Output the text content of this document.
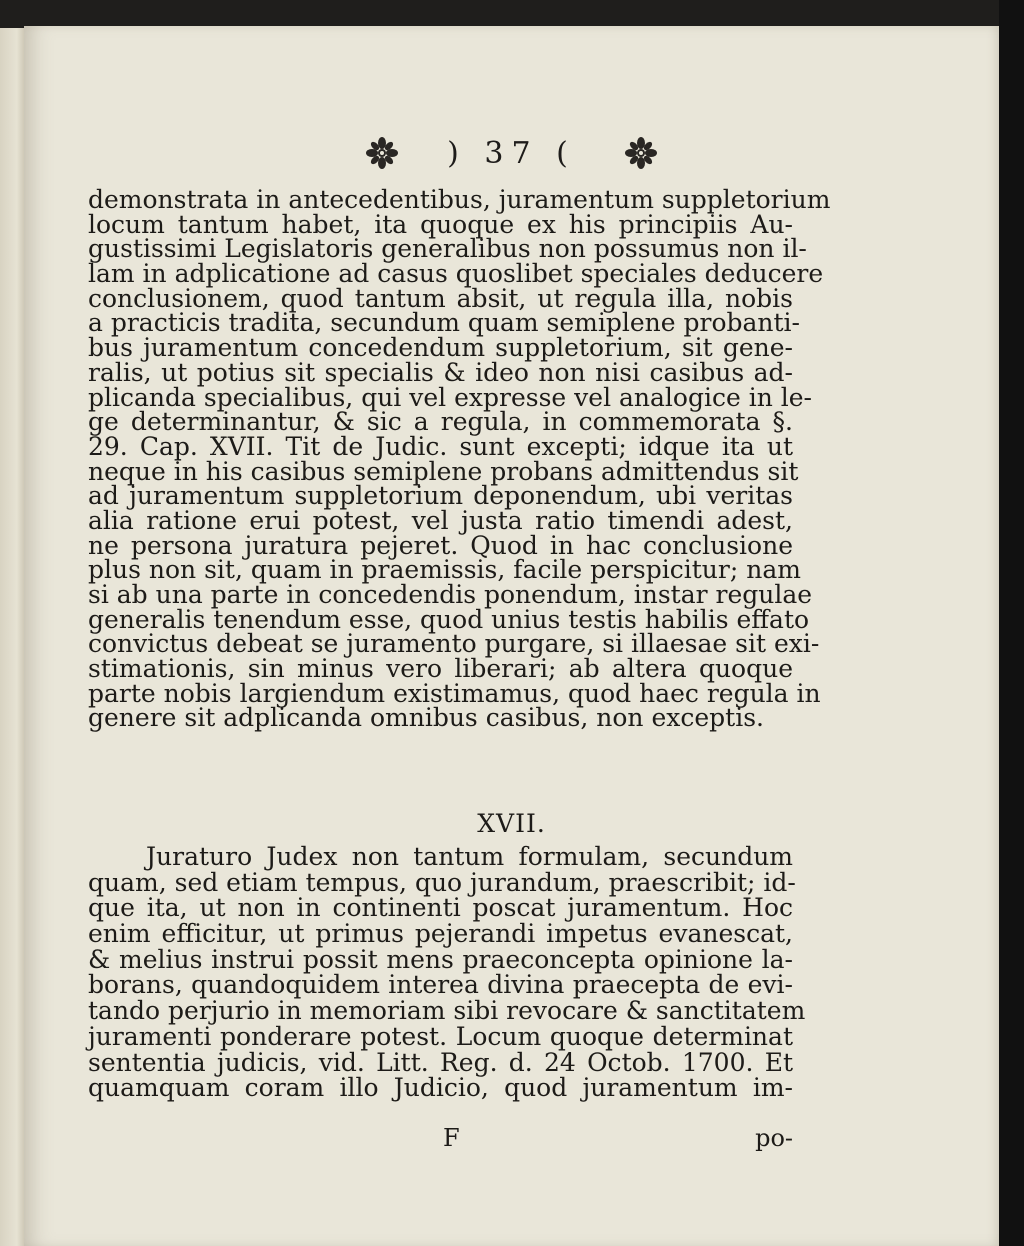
) 37 (
demonstrata in antecedentibus, juramentum suppletorium
locum tantum habet, ita quoque ex his principiis Au-
gustissimi Legislatoris generalibus non possumus non il-
lam in adplicatione ad casus quoslibet speciales deducere
conclusionem, quod tantum absit, ut regula illa, nobis
a practicis tradita, secundum quam semiplene probanti-
bus juramentum concedendum suppletorium, sit gene-
ralis, ut potius sit specialis & ideo non nisi casibus ad-
plicanda specialibus, qui vel expresse vel analogice in le-
ge determinantur, & sic a regula, in commemorata §.
29. Cap. XVII. Tit de Judic. sunt excepti; idque ita ut
neque in his casibus semiplene probans admittendus sit
ad juramentum suppletorium deponendum, ubi veritas
alia ratione erui potest, vel justa ratio timendi adest,
ne persona juratura pejeret. Quod in hac conclusione
plus non sit, quam in praemissis, facile perspicitur; nam
si ab una parte in concedendis ponendum, instar regulae
generalis tenendum esse, quod unius testis habilis effato
convictus debeat se juramento purgare, si illaesae sit exi-
stimationis, sin minus vero liberari; ab altera quoque
parte nobis largiendum existimamus, quod haec regula in
genere sit adplicanda omnibus casibus, non exceptis.
XVII.
Juraturo Judex non tantum formulam, secundum
quam, sed etiam tempus, quo jurandum, praescribit; id-
que ita, ut non in continenti poscat juramentum. Hoc
enim efficitur, ut primus pejerandi impetus evanescat,
& melius instrui possit mens praeconcepta opinione la-
borans, quandoquidem interea divina praecepta de evi-
tando perjurio in memoriam sibi revocare & sanctitatem
juramenti ponderare potest. Locum quoque determinat
sententia judicis, vid. Litt. Reg. d. 24 Octob. 1700. Et
quamquam coram illo Judicio, quod juramentum im-
F	po-
